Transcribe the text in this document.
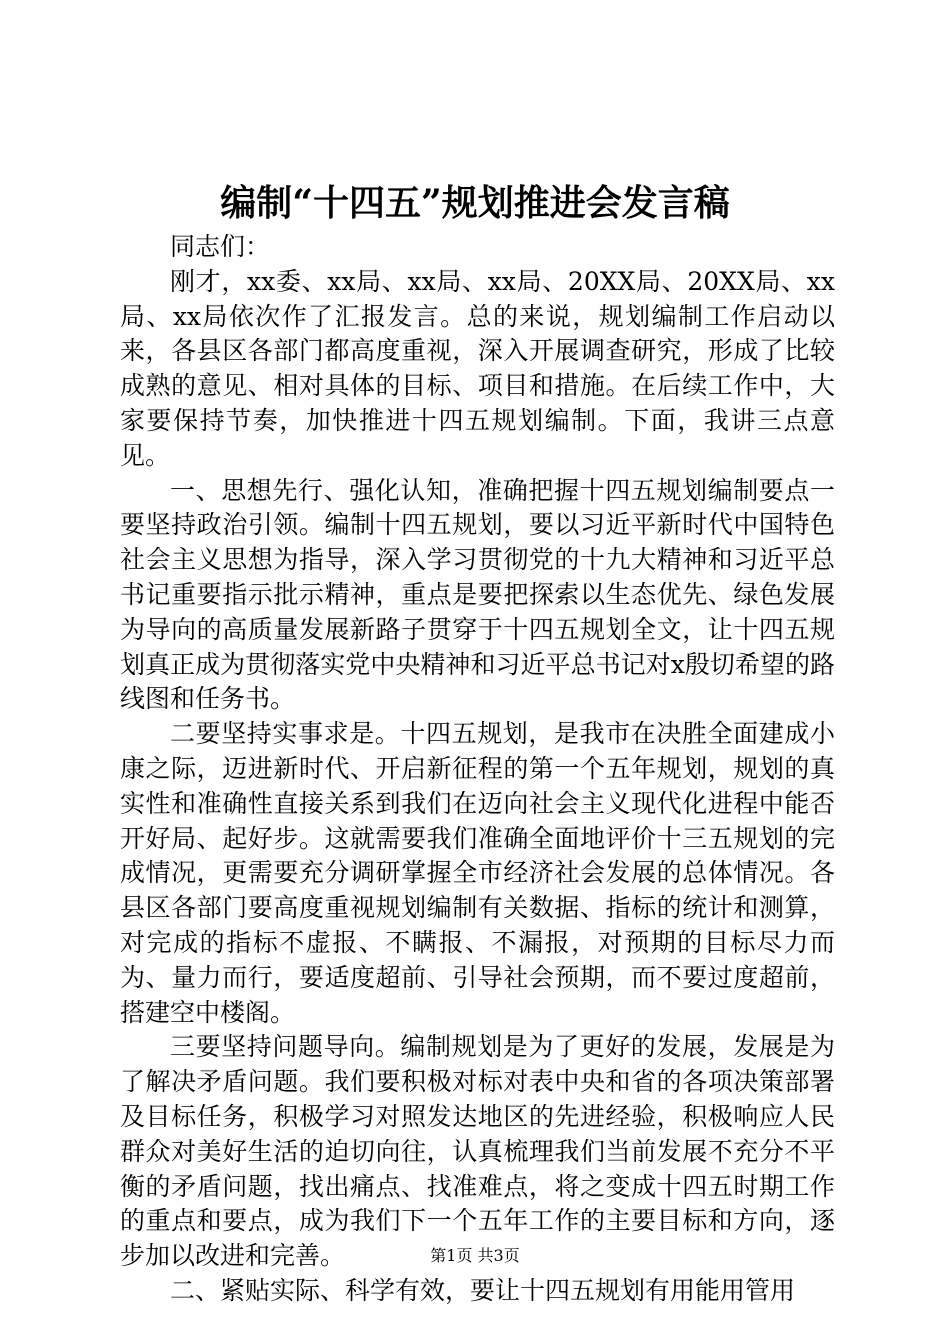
编制“十四五”规划推进会发言稿

同志们：

刚才，xx委、xx局、xx局、xx局、20XX局、20XX局、xx局、xx局依次作了汇报发言。总的来说，规划编制工作启动以来，各县区各部门都高度重视，深入开展调查研究，形成了比较成熟的意见、相对具体的目标、项目和措施。在后续工作中，大家要保持节奏，加快推进十四五规划编制。下面，我讲三点意见。

一、思想先行、强化认知，准确把握十四五规划编制要点一要坚持政治引领。编制十四五规划，要以习近平新时代中国特色社会主义思想为指导，深入学习贯彻党的十九大精神和习近平总书记重要指示批示精神，重点是要把探索以生态优先、绿色发展为导向的高质量发展新路子贯穿于十四五规划全文，让十四五规划真正成为贯彻落实党中央精神和习近平总书记对x殷切希望的路线图和任务书。

二要坚持实事求是。十四五规划，是我市在决胜全面建成小康之际，迈进新时代、开启新征程的第一个五年规划，规划的真实性和准确性直接关系到我们在迈向社会主义现代化进程中能否开好局、起好步。这就需要我们准确全面地评价十三五规划的完成情况，更需要充分调研掌握全市经济社会发展的总体情况。各县区各部门要高度重视规划编制有关数据、指标的统计和测算，对完成的指标不虚报、不瞒报、不漏报，对预期的目标尽力而为、量力而行，要适度超前、引导社会预期，而不要过度超前，搭建空中楼阁。

三要坚持问题导向。编制规划是为了更好的发展，发展是为了解决矛盾问题。我们要积极对标对表中央和省的各项决策部署及目标任务，积极学习对照发达地区的先进经验，积极响应人民群众对美好生活的迫切向往，认真梳理我们当前发展不充分不平衡的矛盾问题，找出痛点、找准难点，将之变成十四五时期工作的重点和要点，成为我们下一个五年工作的主要目标和方向，逐步加以改进和完善。

二、紧贴实际、科学有效，要让十四五规划有用能用管用

第1页 共3页
